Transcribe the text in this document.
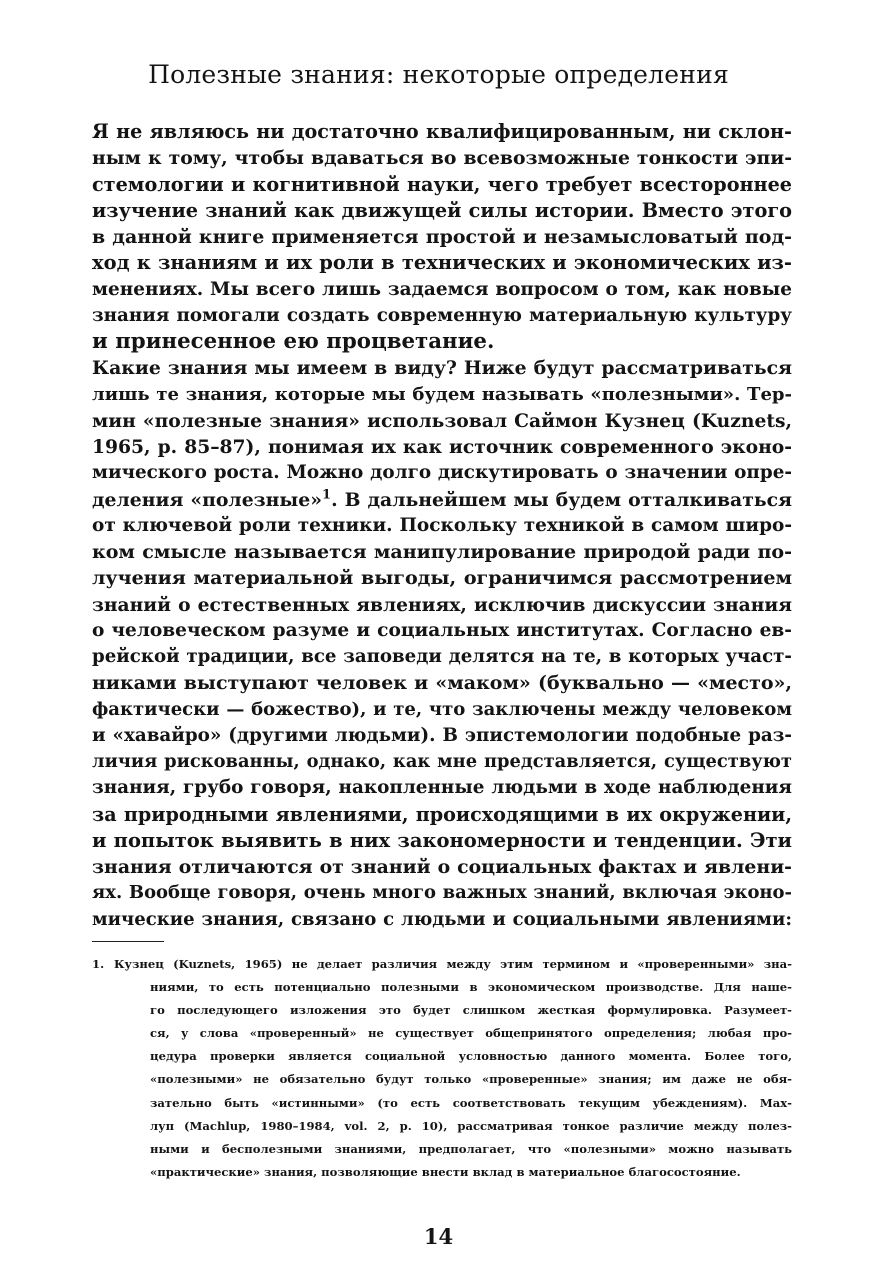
Полезные знания: некоторые определения
Я не являюсь ни достаточно квалифицированным, ни склон-
ным к тому, чтобы вдаваться во всевозможные тонкости эпи-
стемологии и когнитивной науки, чего требует всестороннее
изучение знаний как движущей силы истории. Вместо этого
в данной книге применяется простой и незамысловатый под-
ход к знаниям и их роли в технических и экономических из-
менениях. Мы всего лишь задаемся вопросом о том, как новые
знания помогали создать современную материальную культуру
и принесенное ею процветание.
Какие знания мы имеем в виду? Ниже будут рассматриваться
лишь те знания, которые мы будем называть «полезными». Тер-
мин «полезные знания» использовал Саймон Кузнец (Kuznets,
1965, p. 85–87), понимая их как источник современного эконо-
мического роста. Можно долго дискутировать о значении опре-
деления «полезные»$^1$. В дальнейшем мы будем отталкиваться
от ключевой роли техники. Поскольку техникой в самом широ-
ком смысле называется манипулирование природой ради по-
лучения материальной выгоды, ограничимся рассмотрением
знаний о естественных явлениях, исключив дискуссии знания
о человеческом разуме и социальных институтах. Согласно ев-
рейской традиции, все заповеди делятся на те, в которых участ-
никами выступают человек и «маком» (буквально — «место»,
фактически — божество), и те, что заключены между человеком
и «хавайро» (другими людьми). В эпистемологии подобные раз-
личия рискованны, однако, как мне представляется, существуют
знания, грубо говоря, накопленные людьми в ходе наблюдения
за природными явлениями, происходящими в их окружении,
и попыток выявить в них закономерности и тенденции. Эти
знания отличаются от знаний о социальных фактах и явлени-
ях. Вообще говоря, очень много важных знаний, включая эконо-
мические знания, связано с людьми и социальными явлениями:
1. Кузнец (Kuznets, 1965) не делает различия между этим термином и «проверенными» зна-
ниями, то есть потенциально полезными в экономическом производстве. Для наше-
го последующего изложения это будет слишком жесткая формулировка. Разумеет-
ся, у слова «проверенный» не существует общепринятого определения; любая про-
цедура проверки является социальной условностью данного момента. Более того,
«полезными» не обязательно будут только «проверенные» знания; им даже не обя-
зательно быть «истинными» (то есть соответствовать текущим убеждениям). Мах-
луп (Machlup, 1980–1984, vol. 2, p. 10), рассматривая тонкое различие между полез-
ными и бесполезными знаниями, предполагает, что «полезными» можно называть
«практические» знания, позволяющие внести вклад в материальное благосостояние.
14
